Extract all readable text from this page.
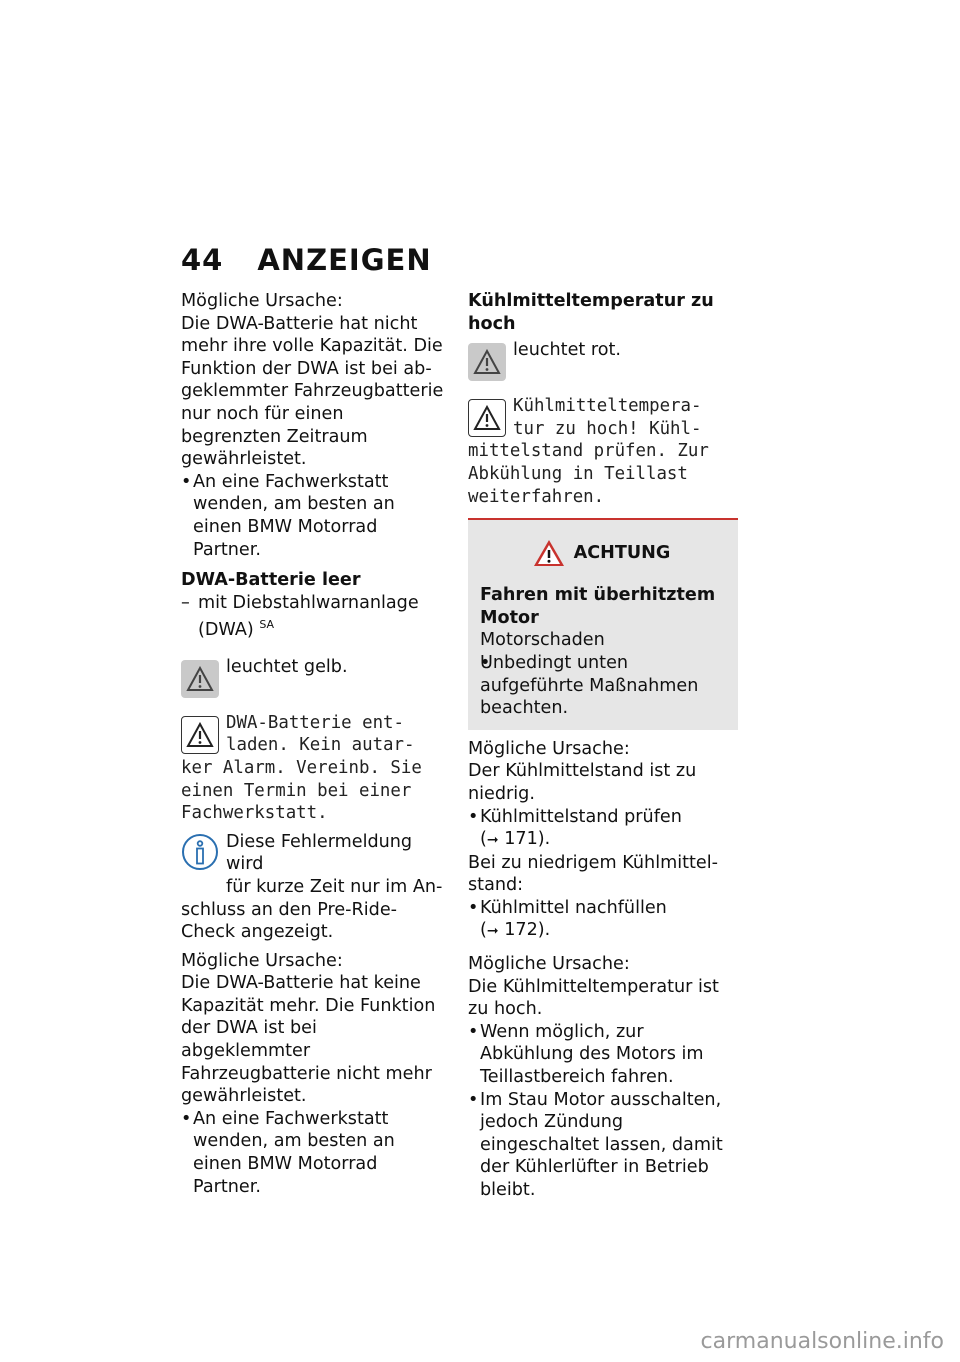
44 ANZEIGEN

Mögliche Ursache:

Die DWA-Batterie hat nicht mehr ihre volle Kapazität. Die Funktion der DWA ist bei abgeklemmter Fahrzeugbatterie nur noch für einen begrenzten Zeitraum gewährleistet.

• An eine Fachwerkstatt wenden, am besten an einen BMW Motorrad Partner.

DWA-Batterie leer

– mit Diebstahlwarnanlage (DWA) $^{SA}$
leuchtet gelb.
DWA-Batterie ent-
laden. Kein autar-
ker Alarm. Vereinb. Sie
einen Termin bei einer
Fachwerkstatt.
Diese Fehlermeldung wird
für kurze Zeit nur im An-
schluss an den Pre-Ride-Check angezeigt.

Mögliche Ursache:

Die DWA-Batterie hat keine Kapazität mehr. Die Funktion der DWA ist bei abgeklemmter Fahrzeugbatterie nicht mehr gewährleistet.

• An eine Fachwerkstatt wenden, am besten an einen BMW Motorrad Partner.

Kühlmitteltemperatur zu hoch

leuchtet rot.
Kühlmitteltempera-
tur zu hoch! Kühl-
mittelstand prüfen. Zur
Abkühlung in Teillast
weiterfahren.
ACHTUNG

Fahren mit überhitztem Motor

Motorschaden

• Unbedingt unten aufgeführte Maßnahmen beachten.

Mögliche Ursache:

Der Kühlmittelstand ist zu niedrig.

• Kühlmittelstand prüfen
(➞ 171).

Bei zu niedrigem Kühlmittelstand:

• Kühlmittel nachfüllen
(➞ 172).

Mögliche Ursache:

Die Kühlmitteltemperatur ist zu hoch.

• Wenn möglich, zur Abkühlung des Motors im Teillastbereich fahren.
• Im Stau Motor ausschalten, jedoch Zündung eingeschaltet lassen, damit der Kühlerlüfter in Betrieb bleibt.
carmanualsonline.info
